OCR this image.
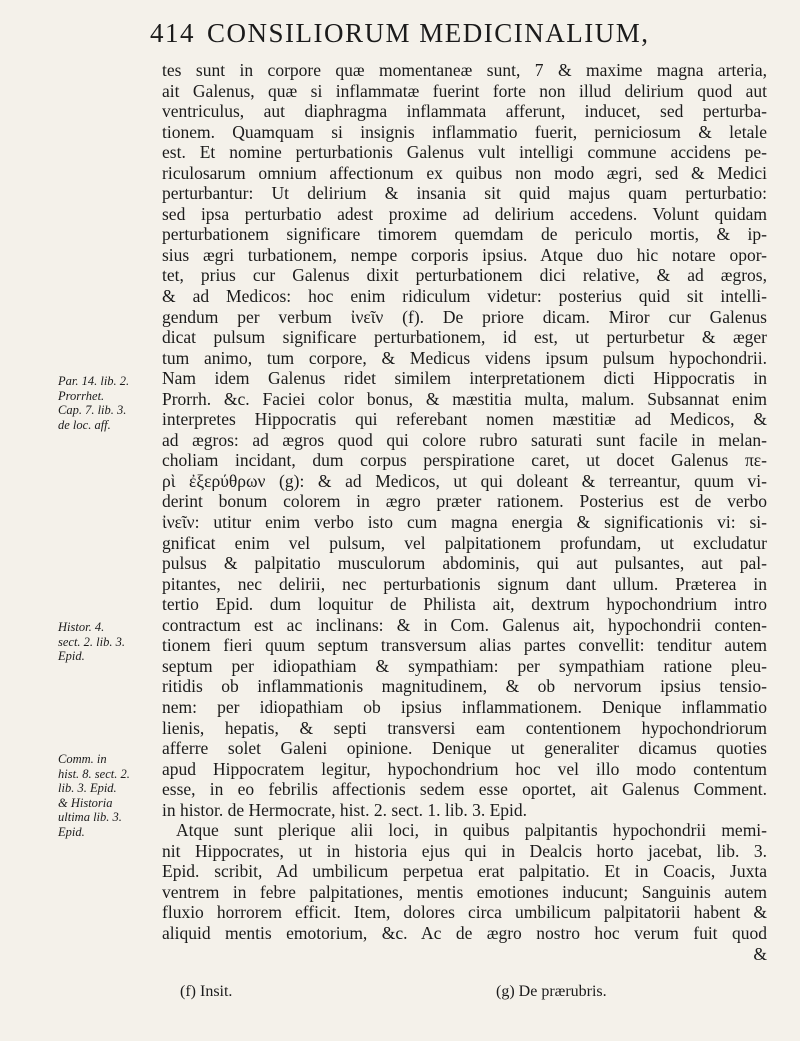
414 CONSILIORUM MEDICINALIUM,
tes sunt in corpore quæ momentaneæ sunt, 7 & maxime magna arteria,
ait Galenus, quæ si inflammatæ fuerint forte non illud delirium quod aut
ventriculus, aut diaphragma inflammata afferunt, inducet, sed perturba-
tionem. Quamquam si insignis inflammatio fuerit, perniciosum & letale
est. Et nomine perturbationis Galenus vult intelligi commune accidens pe-
riculosarum omnium affectionum ex quibus non modo ægri, sed & Medici
perturbantur: Ut delirium & insania sit quid majus quam perturbatio:
sed ipsa perturbatio adest proxime ad delirium accedens. Volunt quidam
perturbationem significare timorem quemdam de periculo mortis, & ip-
sius ægri turbationem, nempe corporis ipsius. Atque duo hic notare opor-
tet, prius cur Galenus dixit perturbationem dici relative, & ad ægros,
& ad Medicos: hoc enim ridiculum videtur: posterius quid sit intelli-
gendum per verbum ἰνεῖν (f). De priore dicam. Miror cur Galenus
dicat pulsum significare perturbationem, id est, ut perturbetur & æger
tum animo, tum corpore, & Medicus videns ipsum pulsum hypochondrii.
Nam idem Galenus ridet similem interpretationem dicti Hippocratis in
Prorrh. &c. Faciei color bonus, & mæstitia multa, malum. Subsannat enim
interpretes Hippocratis qui referebant nomen mæstitiæ ad Medicos, &
ad ægros: ad ægros quod qui colore rubro saturati sunt facile in melan-
choliam incidant, dum corpus perspiratione caret, ut docet Galenus πε-
ρὶ ἐξερύθρων (g): & ad Medicos, ut qui doleant & terreantur, quum vi-
derint bonum colorem in ægro præter rationem. Posterius est de verbo
ἰνεῖν: utitur enim verbo isto cum magna energia & significationis vi: si-
gnificat enim vel pulsum, vel palpitationem profundam, ut excludatur
pulsus & palpitatio musculorum abdominis, qui aut pulsantes, aut pal-
pitantes, nec delirii, nec perturbationis signum dant ullum. Præterea in
tertio Epid. dum loquitur de Philista ait, dextrum hypochondrium intro
contractum est ac inclinans: & in Com. Galenus ait, hypochondrii conten-
tionem fieri quum septum transversum alias partes convellit: tenditur autem
septum per idiopathiam & sympathiam: per sympathiam ratione pleu-
ritidis ob inflammationis magnitudinem, & ob nervorum ipsius tensio-
nem: per idiopathiam ob ipsius inflammationem. Denique inflammatio
lienis, hepatis, & septi transversi eam contentionem hypochondriorum
afferre solet Galeni opinione. Denique ut generaliter dicamus quoties
apud Hippocratem legitur, hypochondrium hoc vel illo modo contentum
esse, in eo febrilis affectionis sedem esse oportet, ait Galenus Comment.
in histor. de Hermocrate, hist. 2. sect. 1. lib. 3. Epid.
Atque sunt plerique alii loci, in quibus palpitantis hypochondrii memi-
nit Hippocrates, ut in historia ejus qui in Dealcis horto jacebat, lib. 3.
Epid. scribit, Ad umbilicum perpetua erat palpitatio. Et in Coacis, Juxta
ventrem in febre palpitationes, mentis emotiones inducunt; Sanguinis autem
fluxio horrorem efficit. Item, dolores circa umbilicum palpitatorii habent &
aliquid mentis emotorium, &c. Ac de ægro nostro hoc verum fuit quod
&
Par. 14. lib. 2.
Prorrhet.
Cap. 7. lib. 3.
de loc. aff.
Histor. 4.
sect. 2. lib. 3.
Epid.
Comm. in
hist. 8. sect. 2.
lib. 3. Epid.
& Historia
ultima lib. 3.
Epid.
(f) Insit.	(g) De prærubris.
